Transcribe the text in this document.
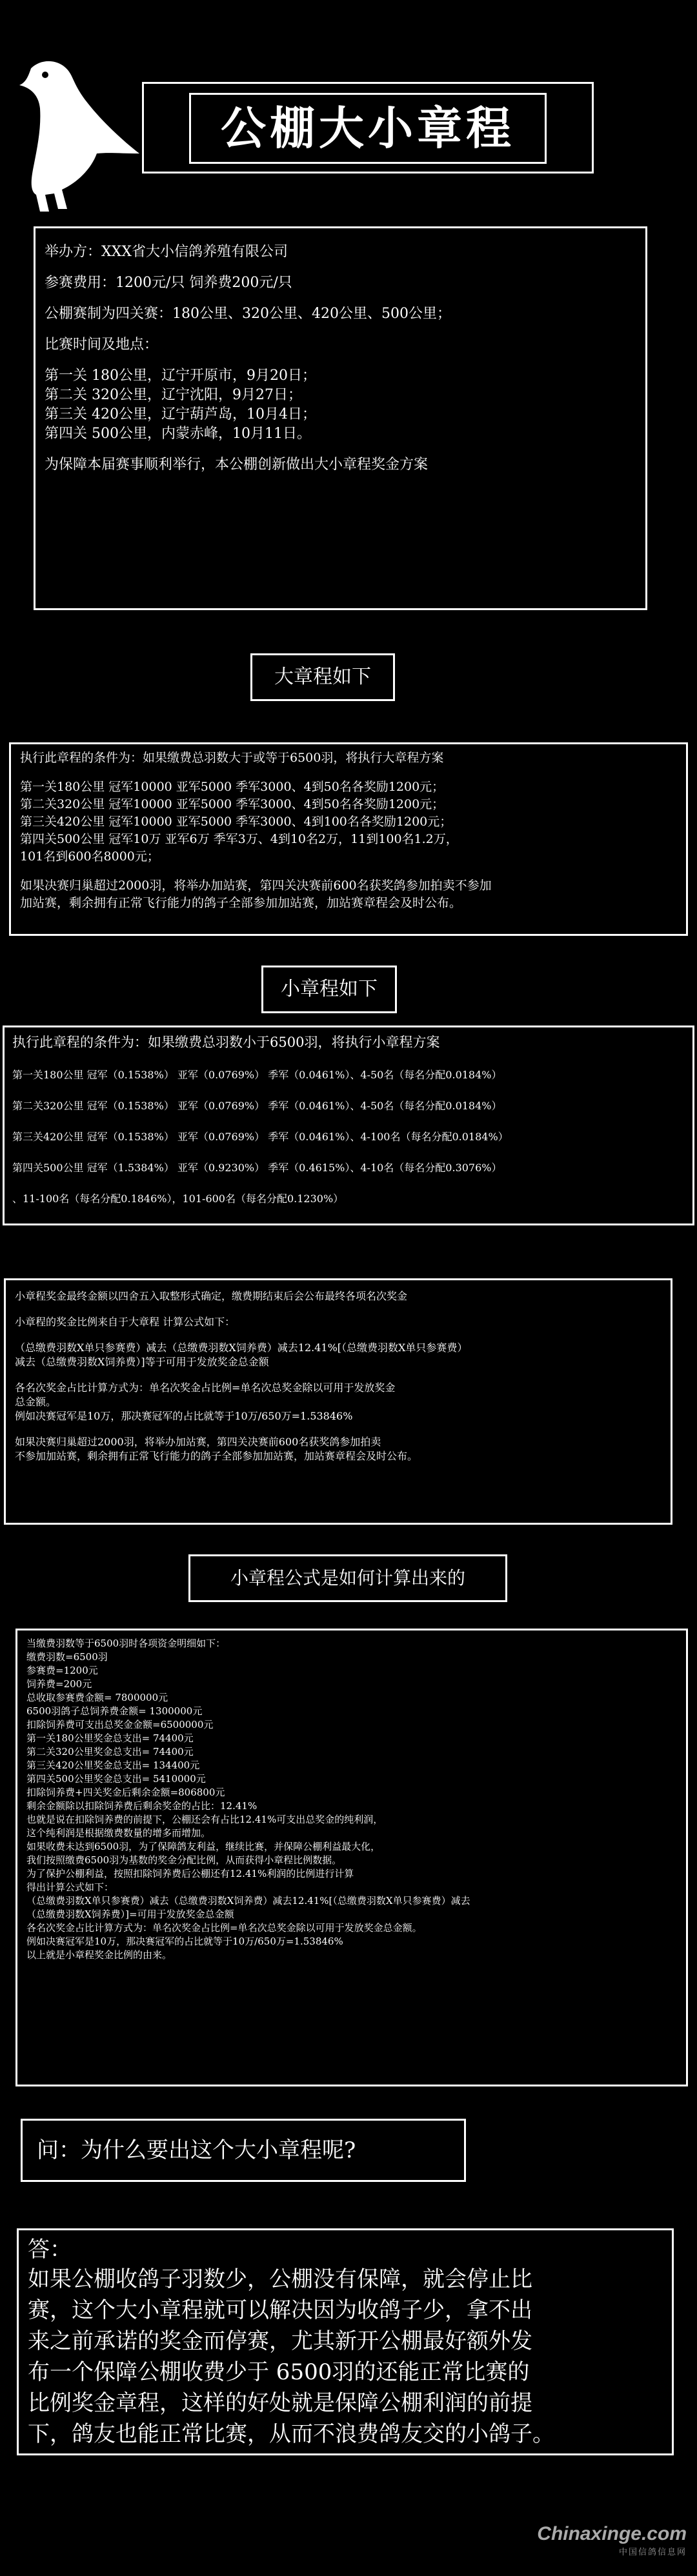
公棚大小章程
举办方：XXX省大小信鸽养殖有限公司
参赛费用：1200元/只 饲养费200元/只
公棚赛制为四关赛：180公里、320公里、420公里、500公里；
比赛时间及地点：
第一关 180公里，辽宁开原市，9月20日；
第二关 320公里，辽宁沈阳，9月27日；
第三关 420公里，辽宁葫芦岛，10月4日；
第四关 500公里，内蒙赤峰，10月11日。
为保障本届赛事顺利举行，本公棚创新做出大小章程奖金方案
大章程如下
执行此章程的条件为：如果缴费总羽数大于或等于6500羽，将执行大章程方案
第一关180公里 冠军10000 亚军5000 季军3000、4到50名各奖励1200元；
第二关320公里 冠军10000 亚军5000 季军3000、4到50名各奖励1200元；
第三关420公里 冠军10000 亚军5000 季军3000、4到100名各奖励1200元；
第四关500公里 冠军10万 亚军6万 季军3万、4到10名2万，11到100名1.2万，
101名到600名8000元；
如果决赛归巢超过2000羽，将举办加站赛，第四关决赛前600名获奖鸽参加拍卖不参加
加站赛，剩余拥有正常飞行能力的鸽子全部参加加站赛，加站赛章程会及时公布。
小章程如下
执行此章程的条件为：如果缴费总羽数小于6500羽，将执行小章程方案
第一关180公里 冠军（0.1538%） 亚军（0.0769%） 季军（0.0461%）、4-50名（每名分配0.0184%）
第二关320公里 冠军（0.1538%） 亚军（0.0769%） 季军（0.0461%）、4-50名（每名分配0.0184%）
第三关420公里 冠军（0.1538%） 亚军（0.0769%） 季军（0.0461%）、4-100名（每名分配0.0184%）
第四关500公里 冠军（1.5384%） 亚军（0.9230%） 季军（0.4615%）、4-10名（每名分配0.3076%）
、11-100名（每名分配0.1846%），101-600名（每名分配0.1230%）
小章程奖金最终金额以四舍五入取整形式确定，缴费期结束后会公布最终各项名次奖金
小章程的奖金比例来自于大章程 计算公式如下：
（总缴费羽数X单只参赛费）减去（总缴费羽数X饲养费）减去12.41%[（总缴费羽数X单只参赛费）
减去（总缴费羽数X饲养费）]等于可用于发放奖金总金额
各名次奖金占比计算方式为：单名次奖金占比例=单名次总奖金除以可用于发放奖金
总金额。
例如决赛冠军是10万，那决赛冠军的占比就等于10万/650万=1.53846%
如果决赛归巢超过2000羽，将举办加站赛，第四关决赛前600名获奖鸽参加拍卖
不参加加站赛，剩余拥有正常飞行能力的鸽子全部参加加站赛，加站赛章程会及时公布。
小章程公式是如何计算出来的
当缴费羽数等于6500羽时各项资金明细如下：
缴费羽数=6500羽
参赛费=1200元
饲养费=200元
总收取参赛费金额= 7800000元
6500羽鸽子总饲养费金额= 1300000元
扣除饲养费可支出总奖金金额=6500000元
第一关180公里奖金总支出= 74400元
第二关320公里奖金总支出= 74400元
第三关420公里奖金总支出= 134400元
第四关500公里奖金总支出= 5410000元
扣除饲养费+四关奖金后剩余金额=806800元
剩余金额除以扣除饲养费后剩余奖金的占比：12.41%
也就是说在扣除饲养费的前提下，公棚还会有占比12.41%可支出总奖金的纯利润，
这个纯利润是根据缴费数量的增多而增加。
如果收费未达到6500羽，为了保障鸽友利益，继续比赛，并保障公棚利益最大化，
我们按照缴费6500羽为基数的奖金分配比例，从而获得小章程比例数据。
为了保护公棚利益，按照扣除饲养费后公棚还有12.41%利润的比例进行计算
得出计算公式如下：
（总缴费羽数X单只参赛费）减去（总缴费羽数X饲养费）减去12.41%[（总缴费羽数X单只参赛费）减去
（总缴费羽数X饲养费）]=可用于发放奖金总金额
各名次奖金占比计算方式为：单名次奖金占比例=单名次总奖金除以可用于发放奖金总金额。
例如决赛冠军是10万，那决赛冠军的占比就等于10万/650万=1.53846%
以上就是小章程奖金比例的由来。
问：为什么要出这个大小章程呢?
答：
如果公棚收鸽子羽数少，公棚没有保障，就会停止比
赛，这个大小章程就可以解决因为收鸽子少，拿不出
来之前承诺的奖金而停赛，尤其新开公棚最好额外发
布一个保障公棚收费少于 6500羽的还能正常比赛的
比例奖金章程，这样的好处就是保障公棚利润的前提
下，鸽友也能正常比赛，从而不浪费鸽友交的小鸽子。
Chinaxinge.com
中国信鸽信息网
